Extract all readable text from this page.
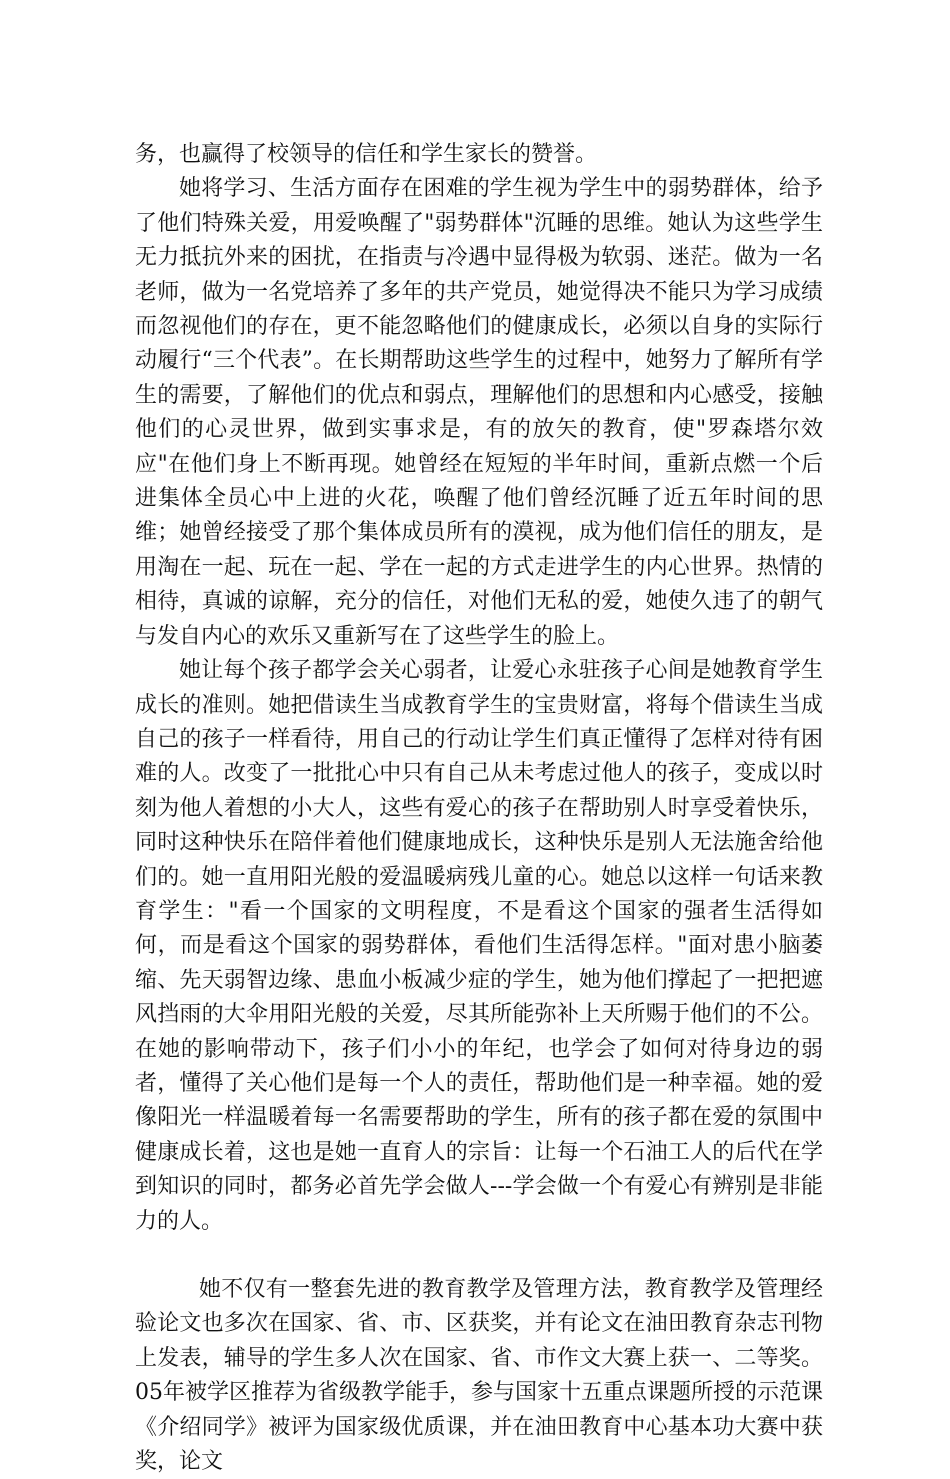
务，也赢得了校领导的信任和学生家长的赞誉。

她将学习、生活方面存在困难的学生视为学生中的弱势群体，给予了他们特殊关爱，用爱唤醒了"弱势群体"沉睡的思维。她认为这些学生无力抵抗外来的困扰，在指责与冷遇中显得极为软弱、迷茫。做为一名老师，做为一名党培养了多年的共产党员，她觉得决不能只为学习成绩而忽视他们的存在，更不能忽略他们的健康成长，必须以自身的实际行动履行“三个代表”。在长期帮助这些学生的过程中，她努力了解所有学生的需要，了解他们的优点和弱点，理解他们的思想和内心感受，接触他们的心灵世界，做到实事求是，有的放矢的教育，使"罗森塔尔效应"在他们身上不断再现。她曾经在短短的半年时间，重新点燃一个后进集体全员心中上进的火花，唤醒了他们曾经沉睡了近五年时间的思维；她曾经接受了那个集体成员所有的漠视，成为他们信任的朋友，是用淘在一起、玩在一起、学在一起的方式走进学生的内心世界。热情的相待，真诚的谅解，充分的信任，对他们无私的爱，她使久违了的朝气与发自内心的欢乐又重新写在了这些学生的脸上。

她让每个孩子都学会关心弱者，让爱心永驻孩子心间是她教育学生成长的准则。她把借读生当成教育学生的宝贵财富，将每个借读生当成自己的孩子一样看待，用自己的行动让学生们真正懂得了怎样对待有困难的人。改变了一批批心中只有自己从未考虑过他人的孩子，变成以时刻为他人着想的小大人，这些有爱心的孩子在帮助别人时享受着快乐，同时这种快乐在陪伴着他们健康地成长，这种快乐是别人无法施舍给他们的。她一直用阳光般的爱温暖病残儿童的心。她总以这样一句话来教育学生："看一个国家的文明程度，不是看这个国家的强者生活得如何，而是看这个国家的弱势群体，看他们生活得怎样。"面对患小脑萎缩、先天弱智边缘、患血小板减少症的学生，她为他们撑起了一把把遮风挡雨的大伞用阳光般的关爱，尽其所能弥补上天所赐于他们的不公。在她的影响带动下，孩子们小小的年纪，也学会了如何对待身边的弱者，懂得了关心他们是每一个人的责任，帮助他们是一种幸福。她的爱像阳光一样温暖着每一名需要帮助的学生，所有的孩子都在爱的氛围中健康成长着，这也是她一直育人的宗旨：让每一个石油工人的后代在学到知识的同时，都务必首先学会做人---学会做一个有爱心有辨别是非能力的人。

她不仅有一整套先进的教育教学及管理方法，教育教学及管理经验论文也多次在国家、省、市、区获奖，并有论文在油田教育杂志刊物上发表，辅导的学生多人次在国家、省、市作文大赛上获一、二等奖。05年被学区推荐为省级教学能手，参与国家十五重点课题所授的示范课《介绍同学》被评为国家级优质课，并在油田教育中心基本功大赛中获奖，论文
